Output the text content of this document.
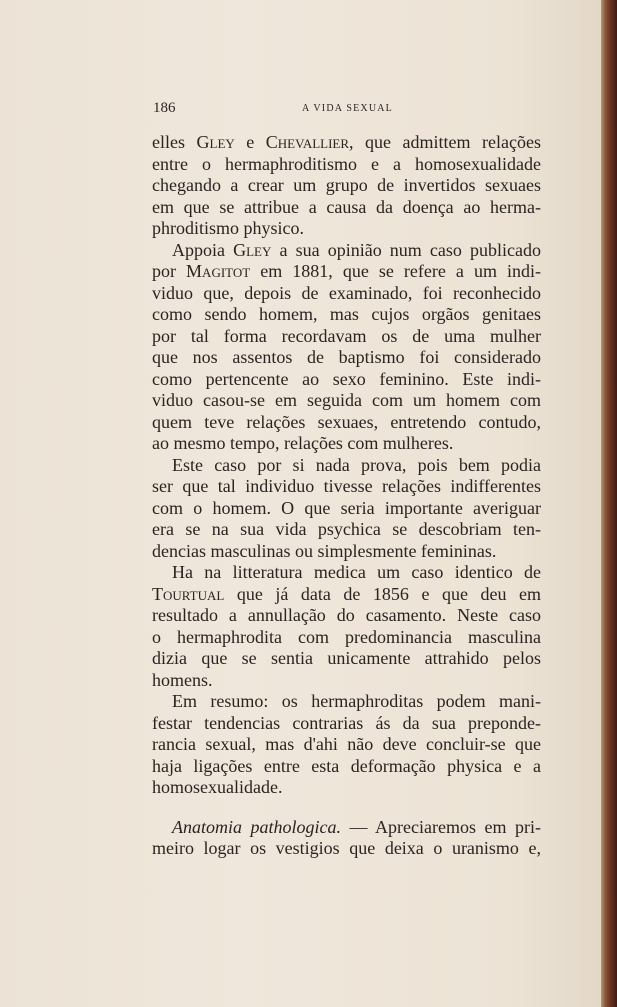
186	A VIDA SEXUAL
elles Gley e Chevallier, que admittem relações
entre o hermaphroditismo e a homosexualidade
chegando a crear um grupo de invertidos sexuaes
em que se attribue a causa da doença ao herma-
phroditismo physico.
Appoia Gley a sua opinião num caso publicado
por Magitot em 1881, que se refere a um indi-
viduo que, depois de examinado, foi reconhecido
como sendo homem, mas cujos orgãos genitaes
por tal forma recordavam os de uma mulher
que nos assentos de baptismo foi considerado
como pertencente ao sexo feminino. Este indi-
viduo casou-se em seguida com um homem com
quem teve relações sexuaes, entretendo contudo,
ao mesmo tempo, relações com mulheres.
Este caso por si nada prova, pois bem podia
ser que tal individuo tivesse relações indifferentes
com o homem. O que seria importante averiguar
era se na sua vida psychica se descobriam ten-
dencias masculinas ou simplesmente femininas.
Ha na litteratura medica um caso identico de
Tourtual que já data de 1856 e que deu em
resultado a annullação do casamento. Neste caso
o hermaphrodita com predominancia masculina
dizia que se sentia unicamente attrahido pelos
homens.
Em resumo: os hermaphroditas podem mani-
festar tendencias contrarias ás da sua preponde-
rancia sexual, mas d'ahi não deve concluir-se que
haja ligações entre esta deformação physica e a
homosexualidade.
Anatomia pathologica. — Apreciaremos em pri-
meiro logar os vestigios que deixa o uranismo e,
